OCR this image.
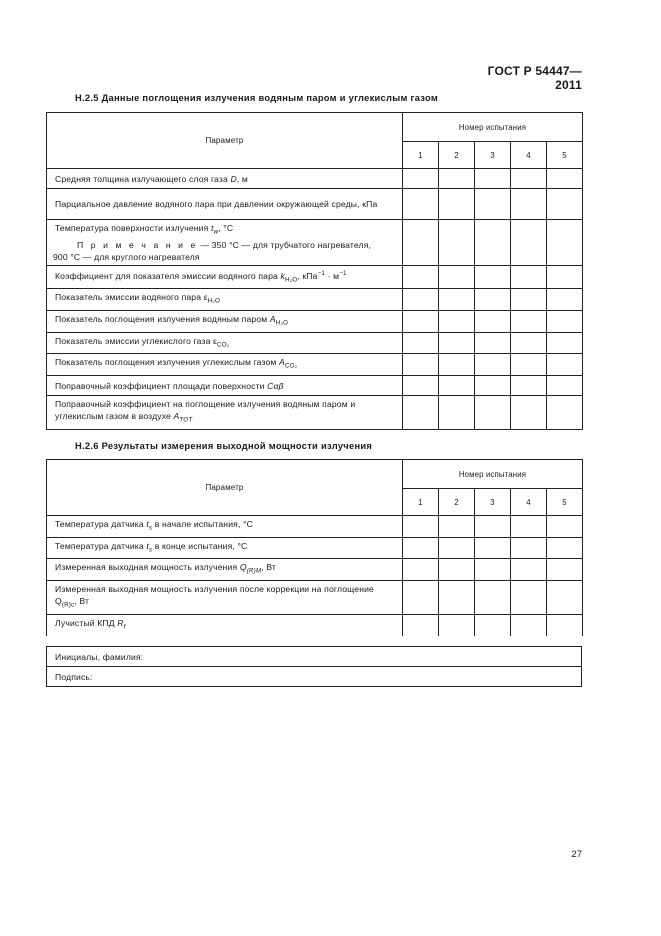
ГОСТ Р 54447—2011
Н.2.5 Данные поглощения излучения водяным паром и углекислым газом
Параметр	Номер испытания				
	1	2	3	4	5
Средняя толщина излучающего слоя газа D, м					
Парциальное давление водяного пара при давлении окружающей среды, кПа					

Температура поверхности излучения $t_w$, °C
П р и м е ч а н и е — 350 °C — для трубчатого нагревателя,
900 °C — для круглого нагревателя					

Коэффициент для показателя эмиссии водяного пара $k_{H_2O}$, $кПа^{-1} \cdot м^{-1}$					
Показатель эмиссии водяного пара $\varepsilon_{H_2O}$					
Показатель поглощения излучения водяным паром $A_{H_2O}$					
Показатель эмиссии углекислого газа $\varepsilon_{CO_2}$					
Показатель поглощения излучения углекислым газом $A_{CO_2}$					
Поправочный коэффициент площади поверхности Cαβ					
Поправочный коэффициент на поглощение излучения водяным паром и углекислым газом в воздухе $A_{TOT}$					
Н.2.6 Результаты измерения выходной мощности излучения
Параметр	Номер испытания				
	1	2	3	4	5
Температура датчика $t_s$ в начале испытания, °C					
Температура датчика $t_s$ в конце испытания, °C					
Измеренная выходная мощность излучения $Q_{(R)M}$, Вт					
Измеренная выходная мощность излучения после коррекции на поглощение $Q_{(R)c}$, Вт					
Лучистый КПД $R_f$					
Инициалы, фамилия:
Подпись:
27
